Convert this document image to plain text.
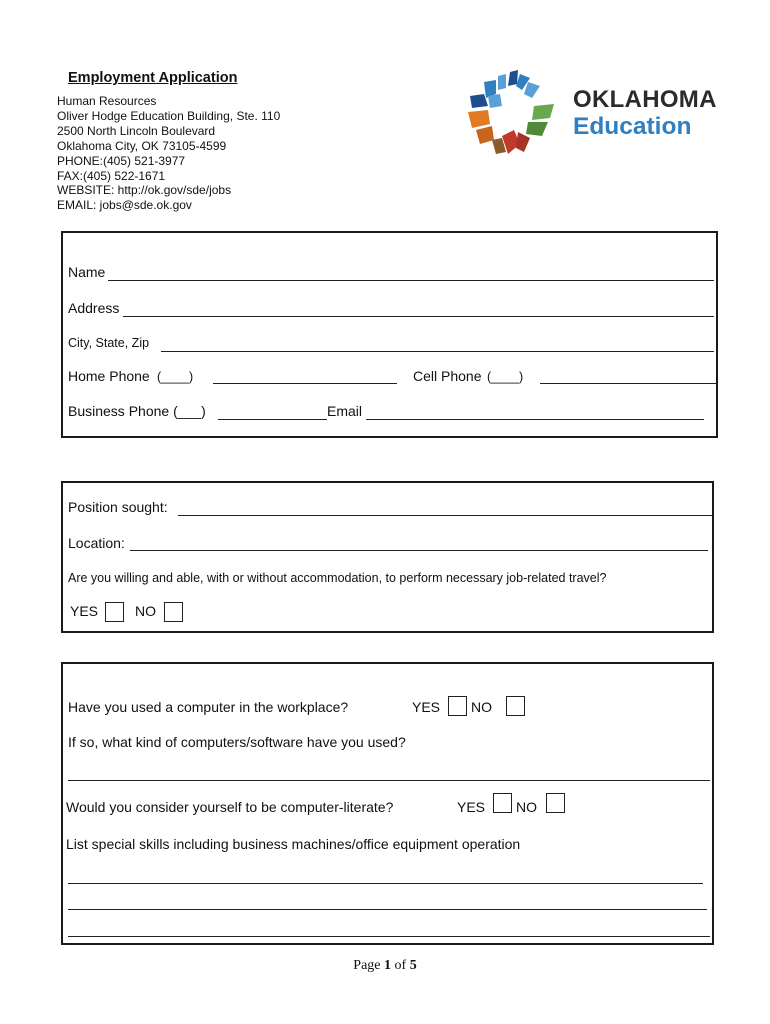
Employment Application
Human Resources
Oliver Hodge Education Building, Ste. 110
2500 North Lincoln Boulevard
Oklahoma City, OK 73105-4599
PHONE:(405) 521-3977
FAX:(405) 522-1671
WEBSITE: http://ok.gov/sde/jobs
EMAIL: jobs@sde.ok.gov
OKLAHOMA
Education
Name
Address
City, State, Zip
Home Phone (____)	Cell Phone (____)
Business Phone (___)	Email
Position sought:
Location:
Are you willing and able, with or without accommodation, to perform necessary job-related travel?
YES	NO
Have you used a computer in the workplace?	YES NO
If so, what kind of computers/software have you used?
Would you consider yourself to be computer-literate?	YES NO
List special skills including business machines/office equipment operation
Page 1 of 5
